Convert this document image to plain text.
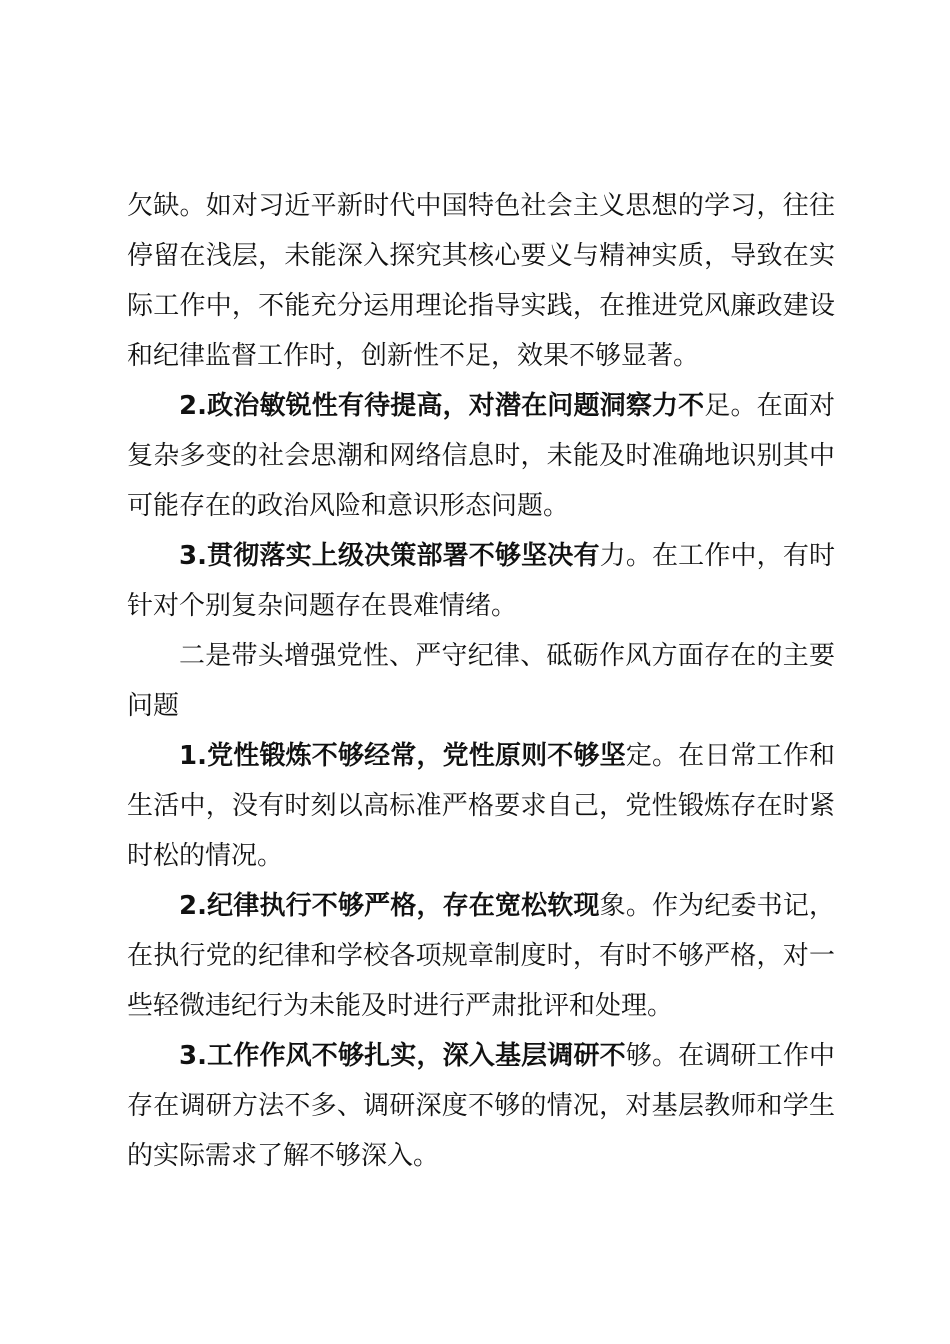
欠缺。如对习近平新时代中国特色社会主义思想的学习，往往停留在浅层，未能深入探究其核心要义与精神实质，导致在实际工作中，不能充分运用理论指导实践，在推进党风廉政建设和纪律监督工作时，创新性不足，效果不够显著。

2.政治敏锐性有待提高，对潜在问题洞察力不足。在面对复杂多变的社会思潮和网络信息时，未能及时准确地识别其中可能存在的政治风险和意识形态问题。

3.贯彻落实上级决策部署不够坚决有力。在工作中，有时针对个别复杂问题存在畏难情绪。

二是带头增强党性、严守纪律、砥砺作风方面存在的主要问题

1.党性锻炼不够经常，党性原则不够坚定。在日常工作和生活中，没有时刻以高标准严格要求自己，党性锻炼存在时紧时松的情况。

2.纪律执行不够严格，存在宽松软现象。作为纪委书记，在执行党的纪律和学校各项规章制度时，有时不够严格，对一些轻微违纪行为未能及时进行严肃批评和处理。

3.工作作风不够扎实，深入基层调研不够。在调研工作中存在调研方法不多、调研深度不够的情况，对基层教师和学生的实际需求了解不够深入。
